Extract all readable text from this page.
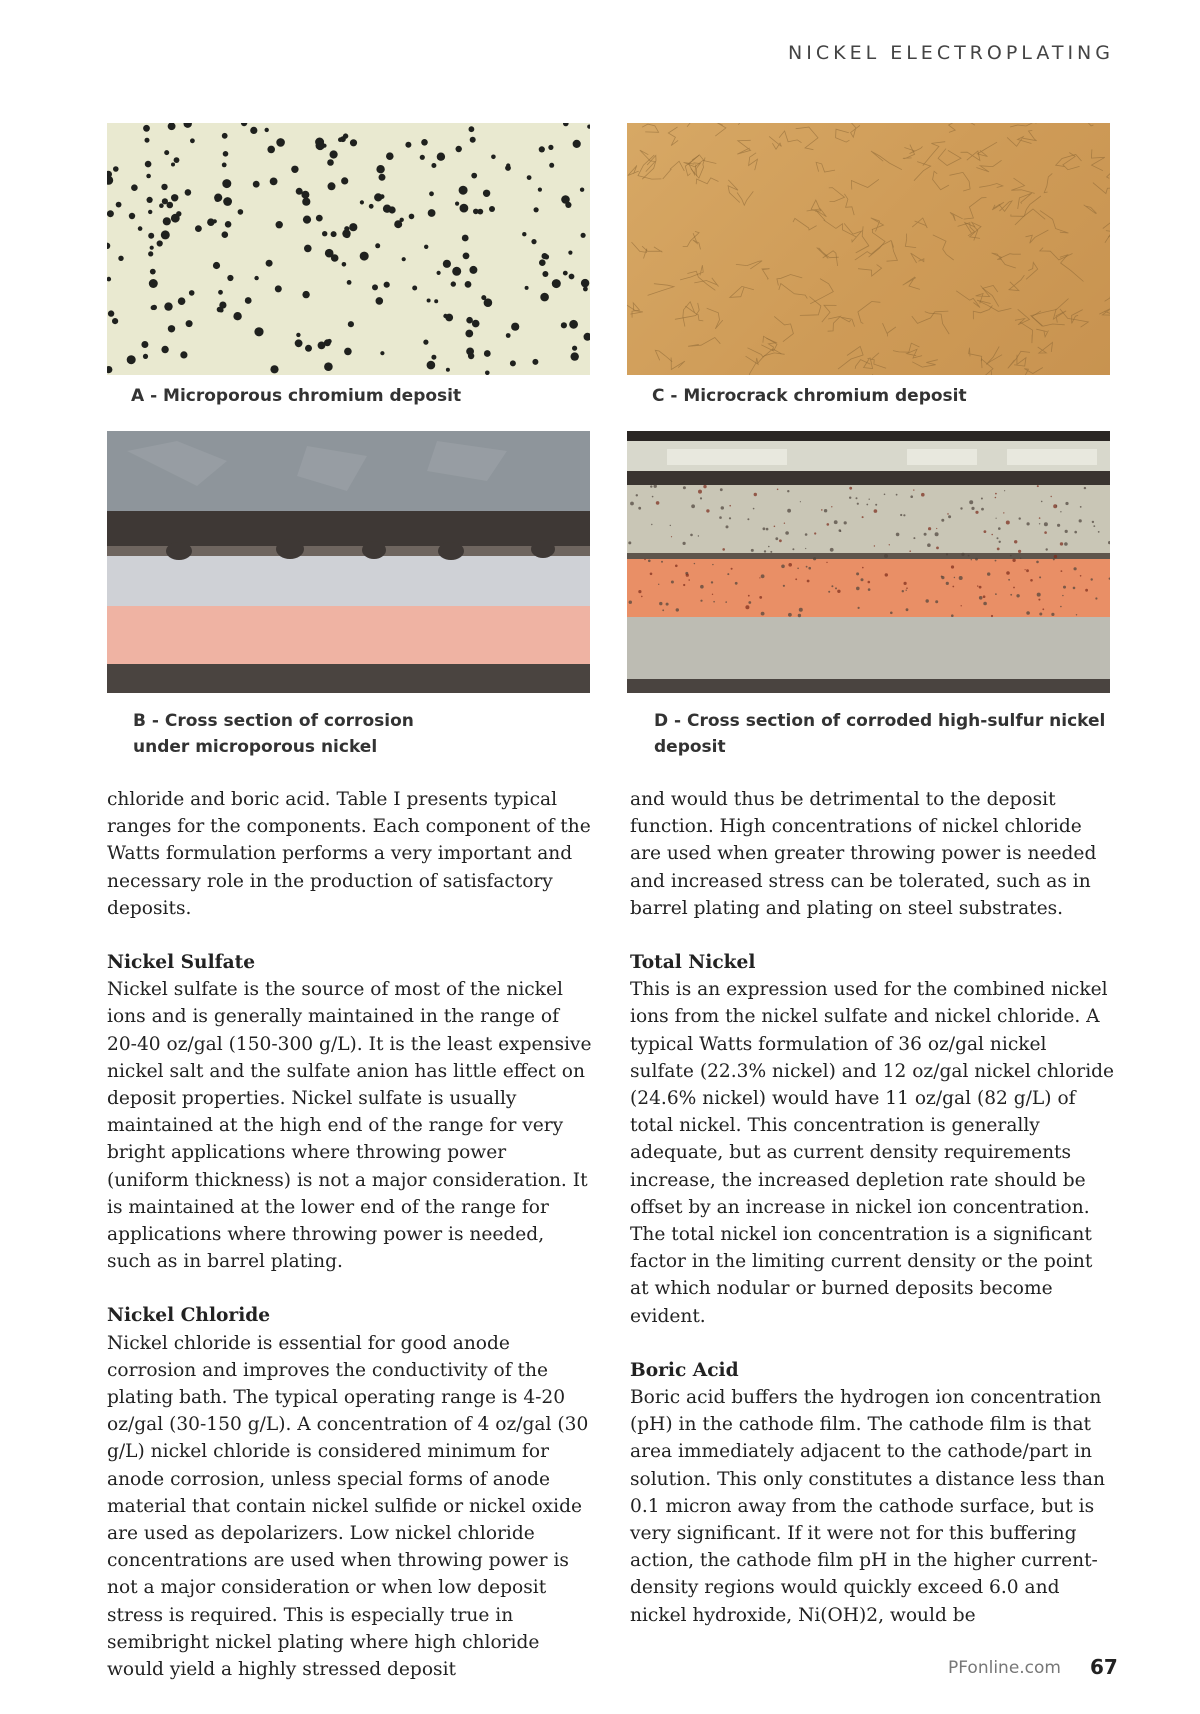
NICKEL ELECTROPLATING
A - Microporous chromium deposit	C - Microcrack chromium deposit
B - Cross section of corrosion under microporous nickel
D - Cross section of corroded high-sulfur nickel deposit

chloride and boric acid. Table I presents typical ranges for the components. Each component of the Watts formulation performs a very important and necessary role in the production of satisfactory deposits.

Nickel Sulfate

Nickel sulfate is the source of most of the nickel ions and is generally maintained in the range of 20-40 oz/gal (150-300 g/L). It is the least expensive nickel salt and the sulfate anion has little effect on deposit properties. Nickel sulfate is usually maintained at the high end of the range for very bright applications where throwing power (uniform thickness) is not a major consideration. It is maintained at the lower end of the range for applications where throwing power is needed, such as in barrel plating.

Nickel Chloride

Nickel chloride is essential for good anode corrosion and improves the conductivity of the plating bath. The typical operating range is 4-20 oz/gal (30-150 g/L). A concentration of 4 oz/gal (30 g/L) nickel chloride is considered minimum for anode corrosion, unless special forms of anode material that contain nickel sulfide or nickel oxide are used as depolarizers. Low nickel chloride concentrations are used when throwing power is not a major consideration or when low deposit stress is required. This is especially true in semibright nickel plating where high chloride would yield a highly stressed deposit

and would thus be detrimental to the deposit function. High concentrations of nickel chloride are used when greater throwing power is needed and increased stress can be tolerated, such as in barrel plating and plating on steel substrates.

Total Nickel

This is an expression used for the combined nickel ions from the nickel sulfate and nickel chloride. A typical Watts formulation of 36 oz/gal nickel sulfate (22.3% nickel) and 12 oz/gal nickel chloride (24.6% nickel) would have 11 oz/gal (82 g/L) of total nickel. This concentration is generally adequate, but as current density requirements increase, the increased depletion rate should be offset by an increase in nickel ion concentration. The total nickel ion concentration is a significant factor in the limiting current density or the point at which nodular or burned deposits become evident.

Boric Acid

Boric acid buffers the hydrogen ion concentration (pH) in the cathode film. The cathode film is that area immediately adjacent to the cathode/part in solution. This only constitutes a distance less than 0.1 micron away from the cathode surface, but is very significant. If it were not for this buffering action, the cathode film pH in the higher current-density regions would quickly exceed 6.0 and nickel hydroxide, Ni(OH)2, would be

PFonline.com 67
